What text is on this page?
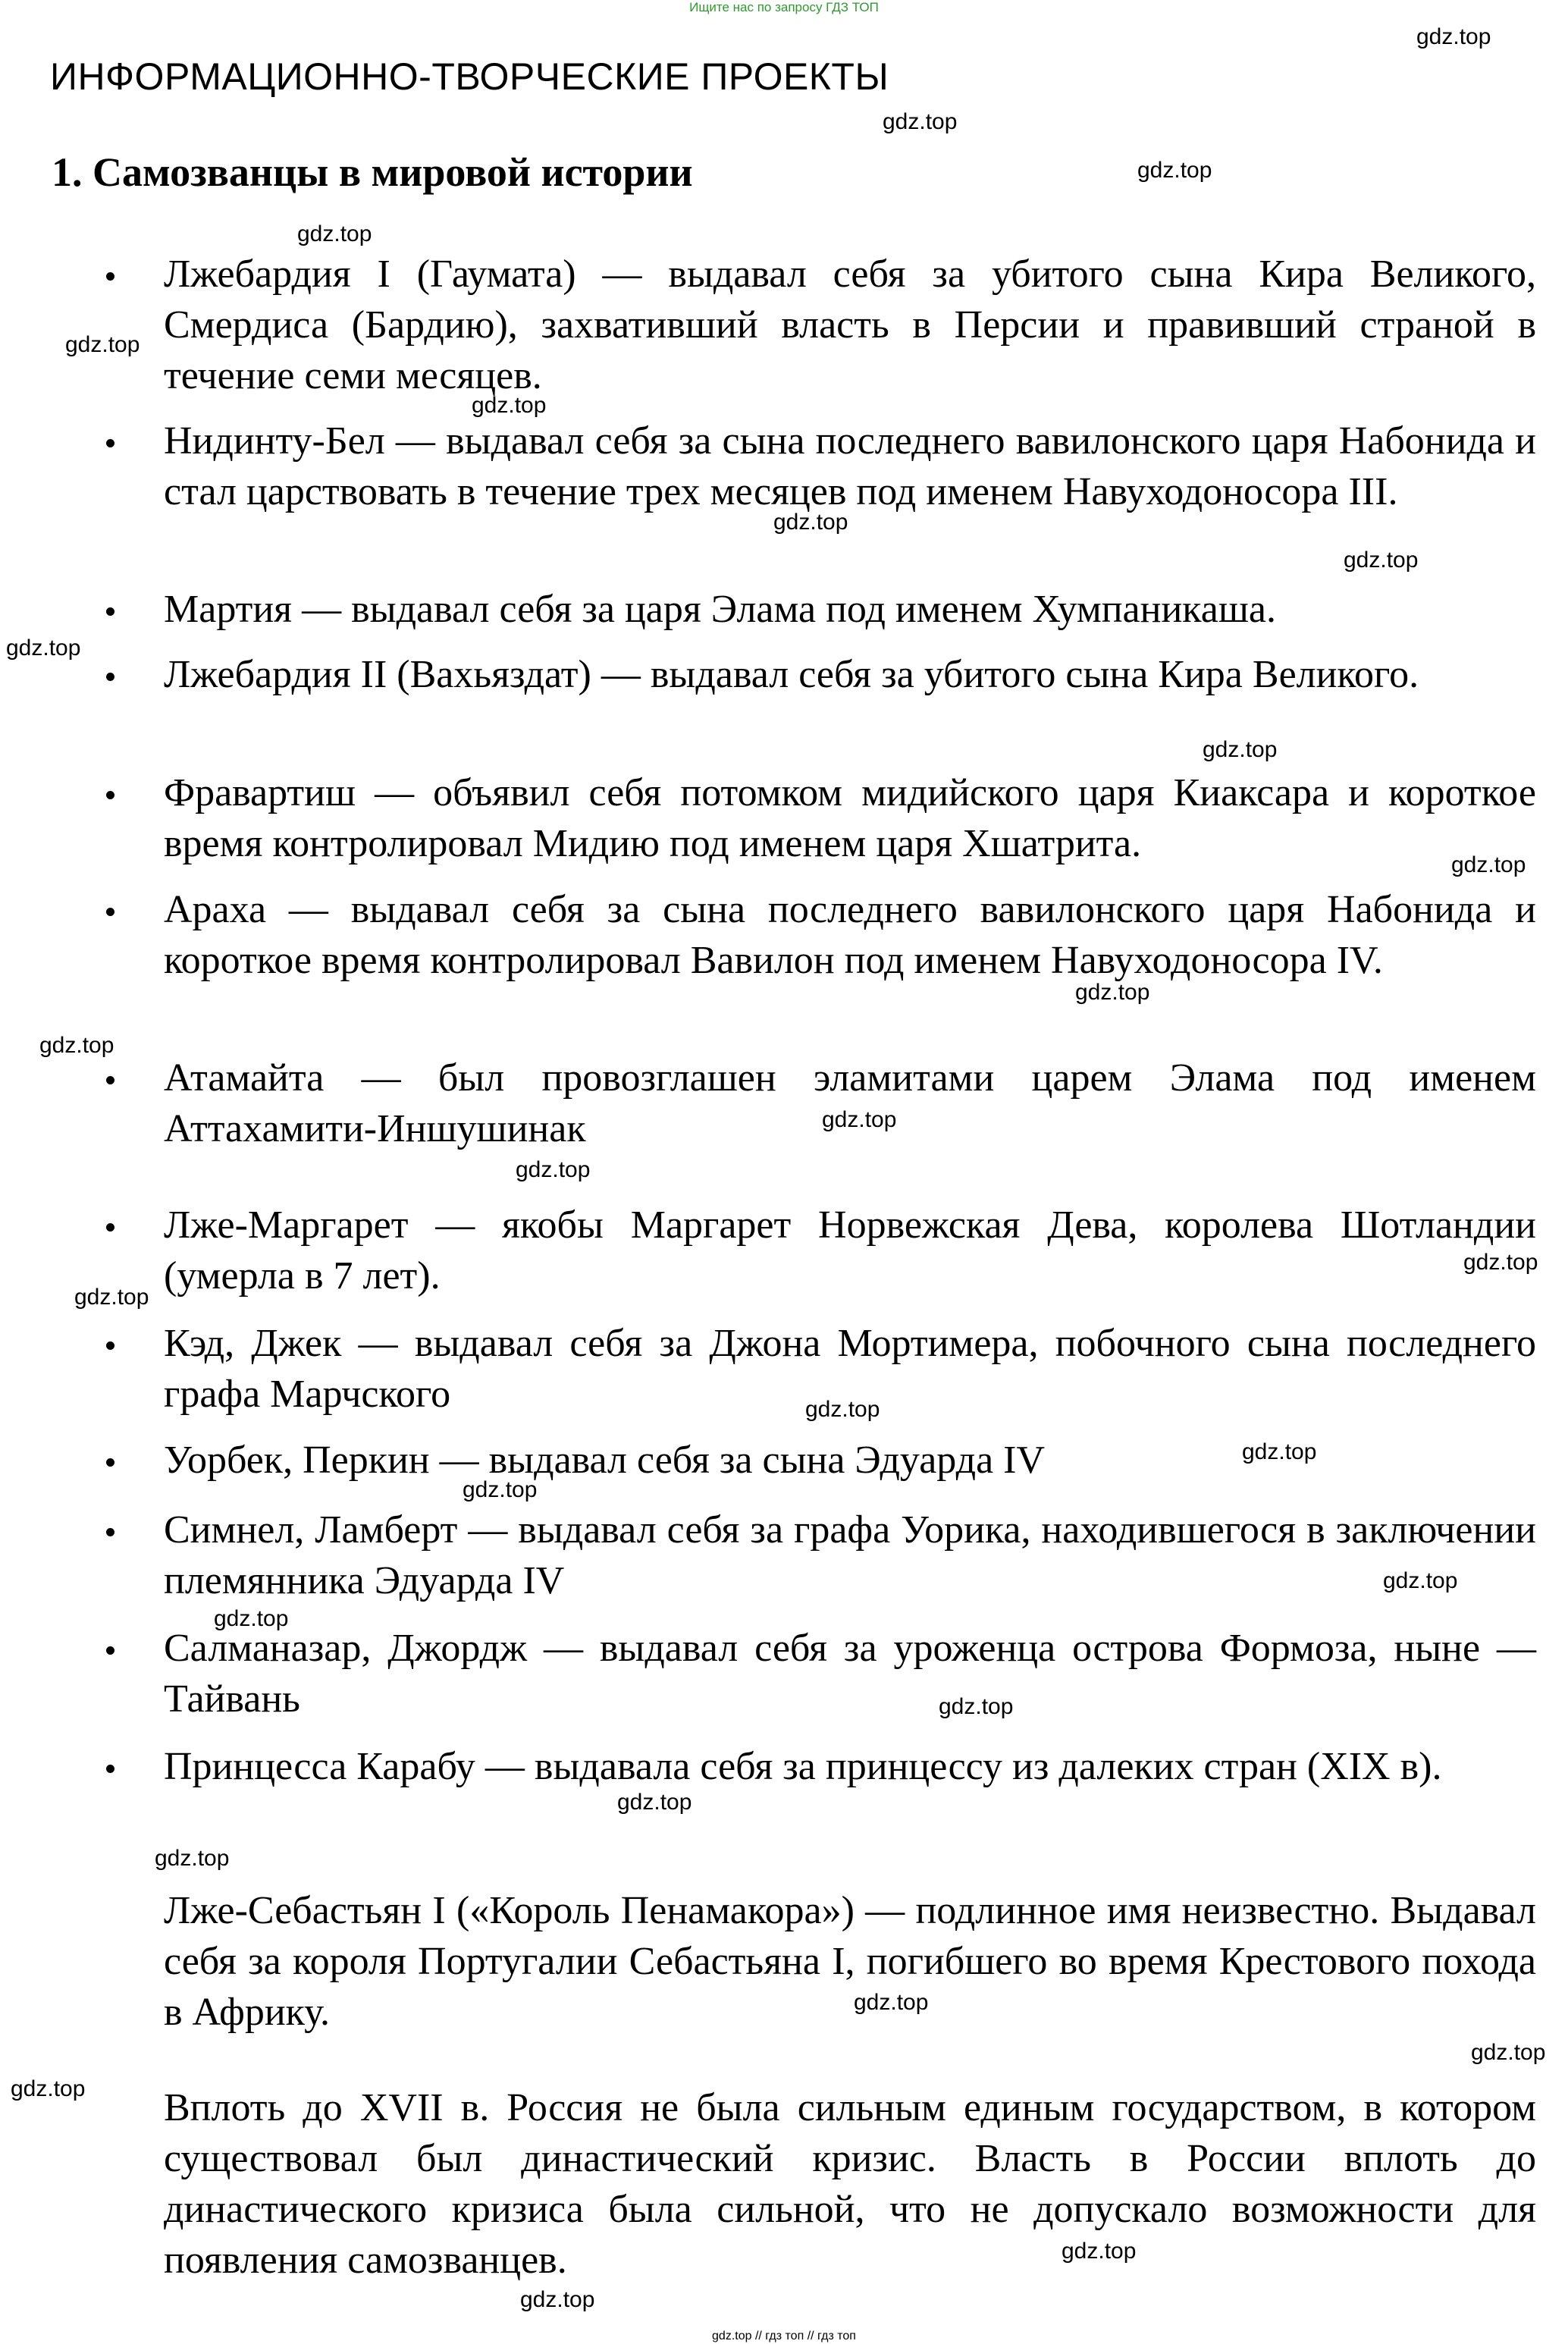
Ищите нас по запросу ГДЗ ТОП
ИНФОРМАЦИОННО-ТВОРЧЕСКИЕ ПРОЕКТЫ
1. Самозванцы в мировой истории
Лжебардия I (Гаумата) — выдавал себя за убитого сына Кира Великого, Смердиса (Бардию), захвативший власть в Персии и правивший страной в течение семи месяцев.
Нидинту-Бел — выдавал себя за сына последнего вавилонского царя Набонида и стал царствовать в течение трех месяцев под именем Навуходоносора III.
Мартия — выдавал себя за царя Элама под именем Хумпаникаша.
Лжебардия II (Вахьяздат) — выдавал себя за убитого сына Кира Великого.
Фравартиш — объявил себя потомком мидийского царя Киаксара и короткое время контролировал Мидию под именем царя Хшатрита.
Араха — выдавал себя за сына последнего вавилонского царя Набонида и короткое время контролировал Вавилон под именем Навуходоносора IV.
Атамайта — был провозглашен эламитами царем Элама под именем Аттахамити-Иншушинак
Лже-Маргарет — якобы Маргарет Норвежская Дева, королева Шотландии (умерла в 7 лет).
Кэд, Джек — выдавал себя за Джона Мортимера, побочного сына последнего графа Марчского
Уорбек, Перкин — выдавал себя за сына Эдуарда IV
Симнел, Ламберт — выдавал себя за графа Уорика, находившегося в заключении племянника Эдуарда IV
Салманазар, Джордж — выдавал себя за уроженца острова Формоза, ныне — Тайвань
Принцесса Карабу — выдавала себя за принцессу из далеких стран (XIX в).
Лже-Себастьян I («Король Пенамакора») — подлинное имя неизвестно. Выдавал себя за короля Португалии Себастьяна I, погибшего во время Крестового похода в Африку.
Вплоть до XVII в. Россия не была сильным единым государством, в котором существовал был династический кризис. Власть в России вплоть до династического кризиса была сильной, что не допускало возможности для появления самозванцев.
gdz.top
gdz.top
gdz.top
gdz.top
gdz.top
gdz.top
gdz.top
gdz.top
gdz.top
gdz.top
gdz.top
gdz.top
gdz.top
gdz.top
gdz.top
gdz.top
gdz.top
gdz.top
gdz.top
gdz.top
gdz.top
gdz.top
gdz.top
gdz.top
gdz.top
gdz.top
gdz.top
gdz.top
gdz.top
gdz.top
gdz.top // гдз топ // гдз топ
